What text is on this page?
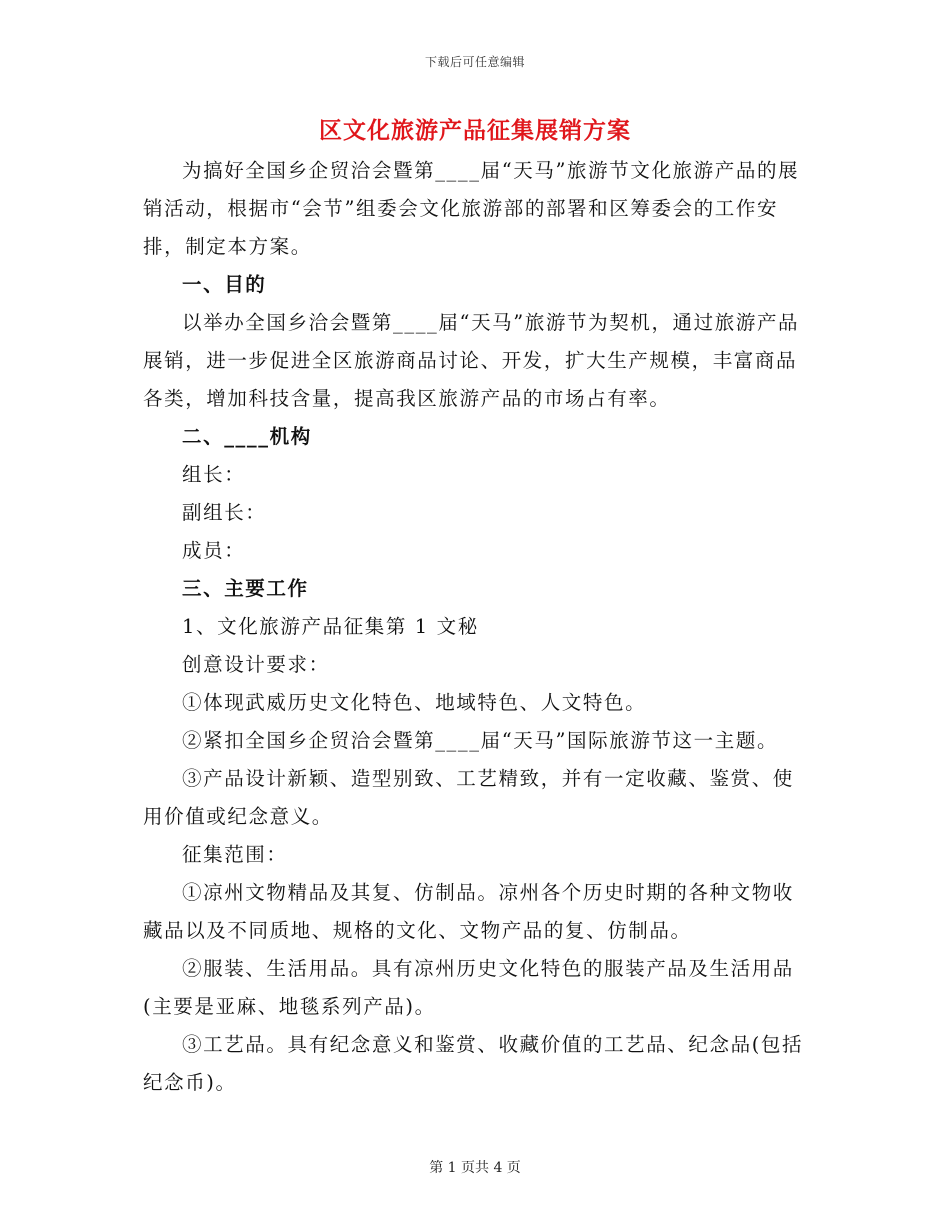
下载后可任意编辑
区文化旅游产品征集展销方案

为搞好全国乡企贸洽会暨第____届“天马”旅游节文化旅游产品的展销活动，根据市“会节”组委会文化旅游部的部署和区筹委会的工作安排，制定本方案。

一、目的

以举办全国乡洽会暨第____届“天马”旅游节为契机，通过旅游产品展销，进一步促进全区旅游商品讨论、开发，扩大生产规模，丰富商品各类，增加科技含量，提高我区旅游产品的市场占有率。

二、____机构

组长：

副组长：

成员：

三、主要工作

1、文化旅游产品征集第 1 文秘

创意设计要求：

①体现武威历史文化特色、地域特色、人文特色。

②紧扣全国乡企贸洽会暨第____届“天马”国际旅游节这一主题。

③产品设计新颖、造型别致、工艺精致，并有一定收藏、鉴赏、使用价值或纪念意义。

征集范围：

①凉州文物精品及其复、仿制品。凉州各个历史时期的各种文物收藏品以及不同质地、规格的文化、文物产品的复、仿制品。

②服装、生活用品。具有凉州历史文化特色的服装产品及生活用品(主要是亚麻、地毯系列产品)。

③工艺品。具有纪念意义和鉴赏、收藏价值的工艺品、纪念品(包括纪念币)。

第 1 页共 4 页
